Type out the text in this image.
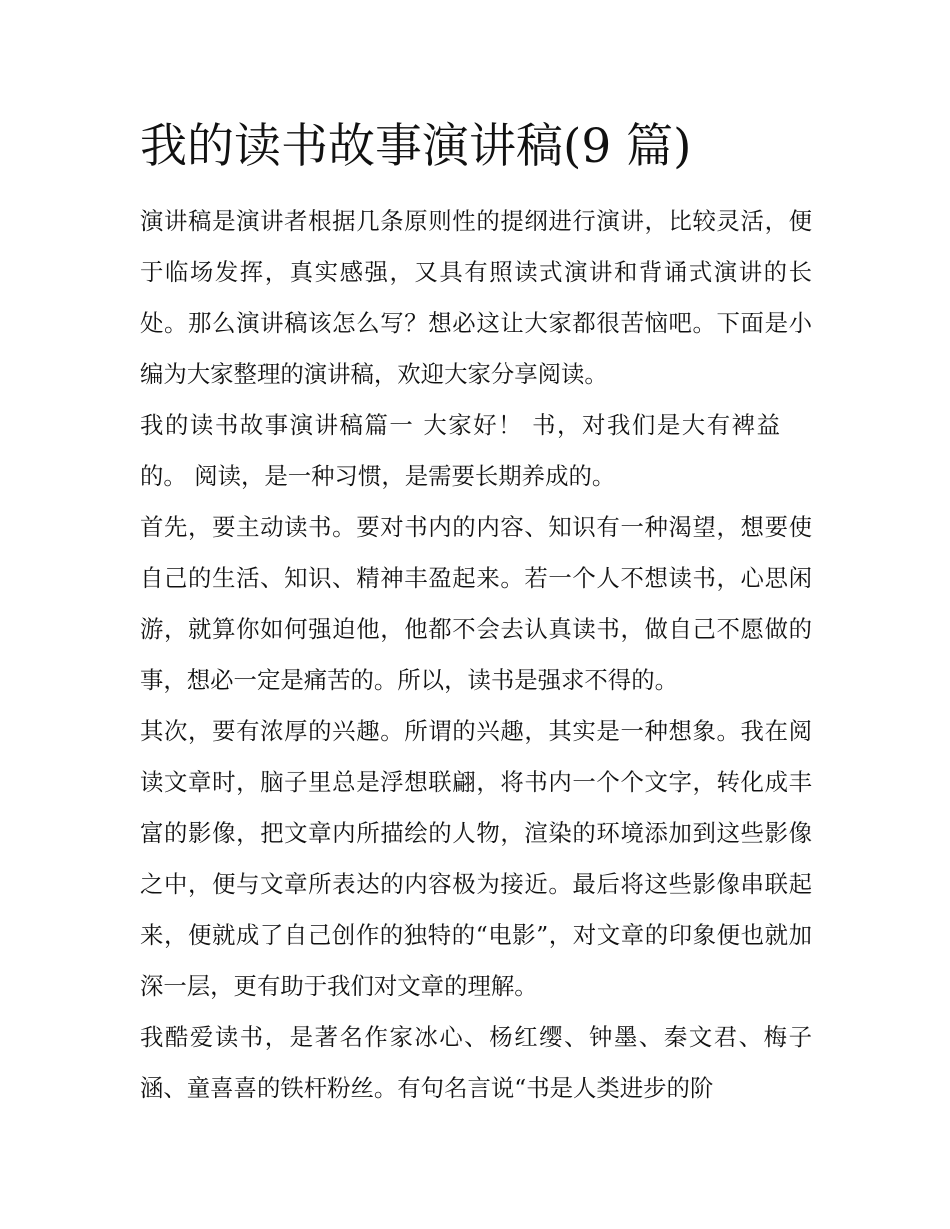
我的读书故事演讲稿(9 篇)

演讲稿是演讲者根据几条原则性的提纲进行演讲，比较灵活，便于临场发挥，真实感强，又具有照读式演讲和背诵式演讲的长处。那么演讲稿该怎么写？想必这让大家都很苦恼吧。下面是小编为大家整理的演讲稿，欢迎大家分享阅读。

我的读书故事演讲稿篇一 大家好！ 书，对我们是大有裨益的。 阅读，是一种习惯，是需要长期养成的。

首先，要主动读书。要对书内的内容、知识有一种渴望，想要使自己的生活、知识、精神丰盈起来。若一个人不想读书，心思闲游，就算你如何强迫他，他都不会去认真读书，做自己不愿做的事，想必一定是痛苦的。所以，读书是强求不得的。

其次，要有浓厚的兴趣。所谓的兴趣，其实是一种想象。我在阅读文章时，脑子里总是浮想联翩，将书内一个个文字，转化成丰富的影像，把文章内所描绘的人物，渲染的环境添加到这些影像之中，便与文章所表达的内容极为接近。最后将这些影像串联起来，便就成了自己创作的独特的“电影”，对文章的印象便也就加深一层，更有助于我们对文章的理解。

我酷爱读书，是著名作家冰心、杨红缨、钟墨、秦文君、梅子涵、童喜喜的铁杆粉丝。有句名言说“书是人类进步的阶
